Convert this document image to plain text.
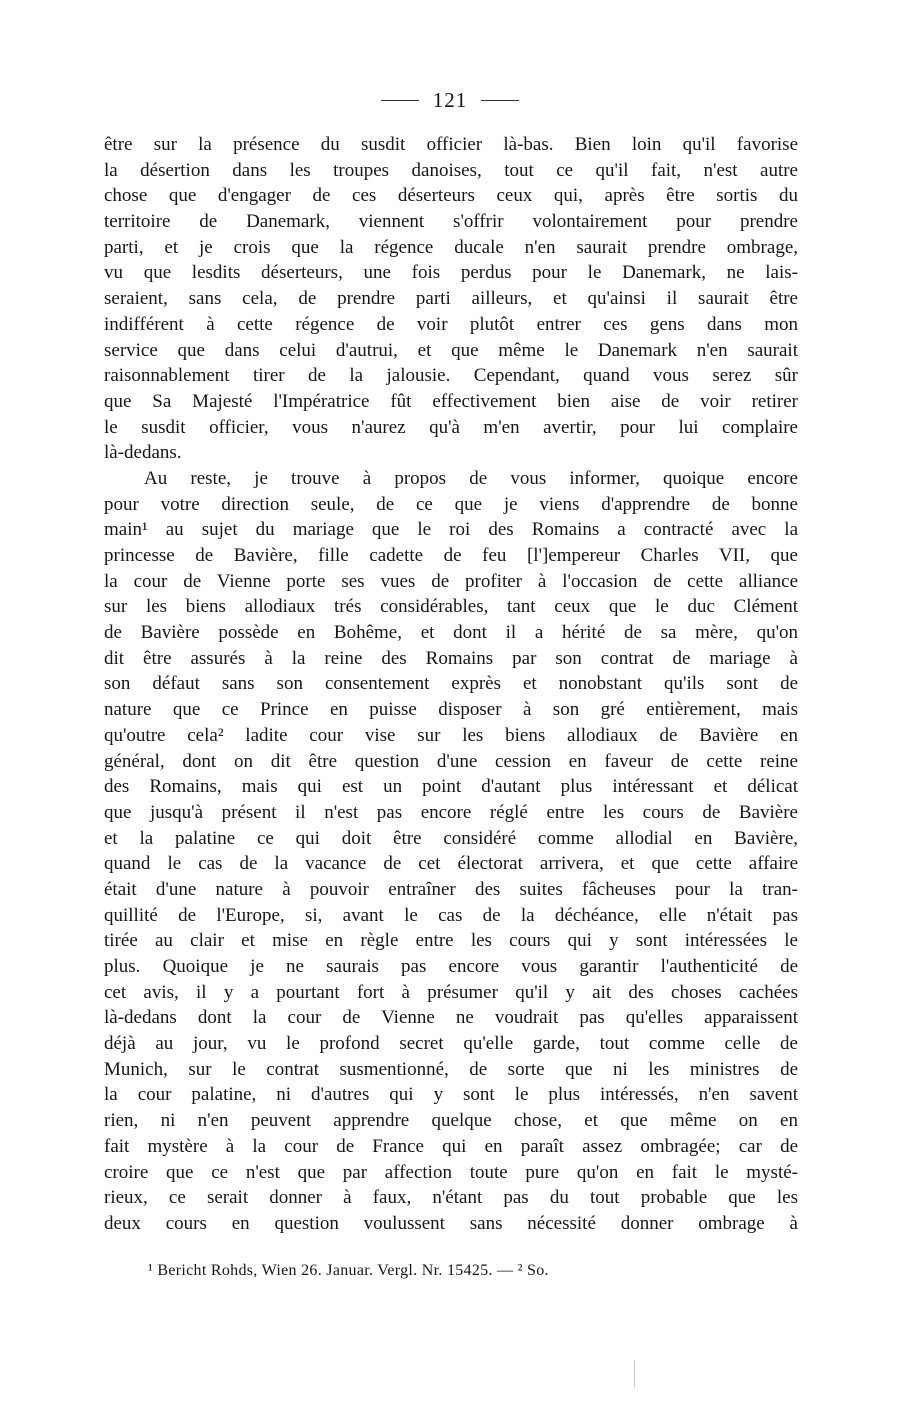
121
être sur la présence du susdit officier là-bas. Bien loin qu'il favorise
la désertion dans les troupes danoises, tout ce qu'il fait, n'est autre
chose que d'engager de ces déserteurs ceux qui, après être sortis du
territoire de Danemark, viennent s'offrir volontairement pour prendre
parti, et je crois que la régence ducale n'en saurait prendre ombrage,
vu que lesdits déserteurs, une fois perdus pour le Danemark, ne lais-
seraient, sans cela, de prendre parti ailleurs, et qu'ainsi il saurait être
indifférent à cette régence de voir plutôt entrer ces gens dans mon
service que dans celui d'autrui, et que même le Danemark n'en saurait
raisonnablement tirer de la jalousie. Cependant, quand vous serez sûr
que Sa Majesté l'Impératrice fût effectivement bien aise de voir retirer
le susdit officier, vous n'aurez qu'à m'en avertir, pour lui complaire
là-dedans.
Au reste, je trouve à propos de vous informer, quoique encore
pour votre direction seule, de ce que je viens d'apprendre de bonne
main¹ au sujet du mariage que le roi des Romains a contracté avec la
princesse de Bavière, fille cadette de feu [l']empereur Charles VII, que
la cour de Vienne porte ses vues de profiter à l'occasion de cette alliance
sur les biens allodiaux trés considérables, tant ceux que le duc Clément
de Bavière possède en Bohême, et dont il a hérité de sa mère, qu'on
dit être assurés à la reine des Romains par son contrat de mariage à
son défaut sans son consentement exprès et nonobstant qu'ils sont de
nature que ce Prince en puisse disposer à son gré entièrement, mais
qu'outre cela² ladite cour vise sur les biens allodiaux de Bavière en
général, dont on dit être question d'une cession en faveur de cette reine
des Romains, mais qui est un point d'autant plus intéressant et délicat
que jusqu'à présent il n'est pas encore réglé entre les cours de Bavière
et la palatine ce qui doit être considéré comme allodial en Bavière,
quand le cas de la vacance de cet électorat arrivera, et que cette affaire
était d'une nature à pouvoir entraîner des suites fâcheuses pour la tran-
quillité de l'Europe, si, avant le cas de la déchéance, elle n'était pas
tirée au clair et mise en règle entre les cours qui y sont intéressées le
plus. Quoique je ne saurais pas encore vous garantir l'authenticité de
cet avis, il y a pourtant fort à présumer qu'il y ait des choses cachées
là-dedans dont la cour de Vienne ne voudrait pas qu'elles apparaissent
déjà au jour, vu le profond secret qu'elle garde, tout comme celle de
Munich, sur le contrat susmentionné, de sorte que ni les ministres de
la cour palatine, ni d'autres qui y sont le plus intéressés, n'en savent
rien, ni n'en peuvent apprendre quelque chose, et que même on en
fait mystère à la cour de France qui en paraît assez ombragée; car de
croire que ce n'est que par affection toute pure qu'on en fait le mysté-
rieux, ce serait donner à faux, n'étant pas du tout probable que les
deux cours en question voulussent sans nécessité donner ombrage à
¹ Bericht Rohds, Wien 26. Januar. Vergl. Nr. 15425. — ² So.
